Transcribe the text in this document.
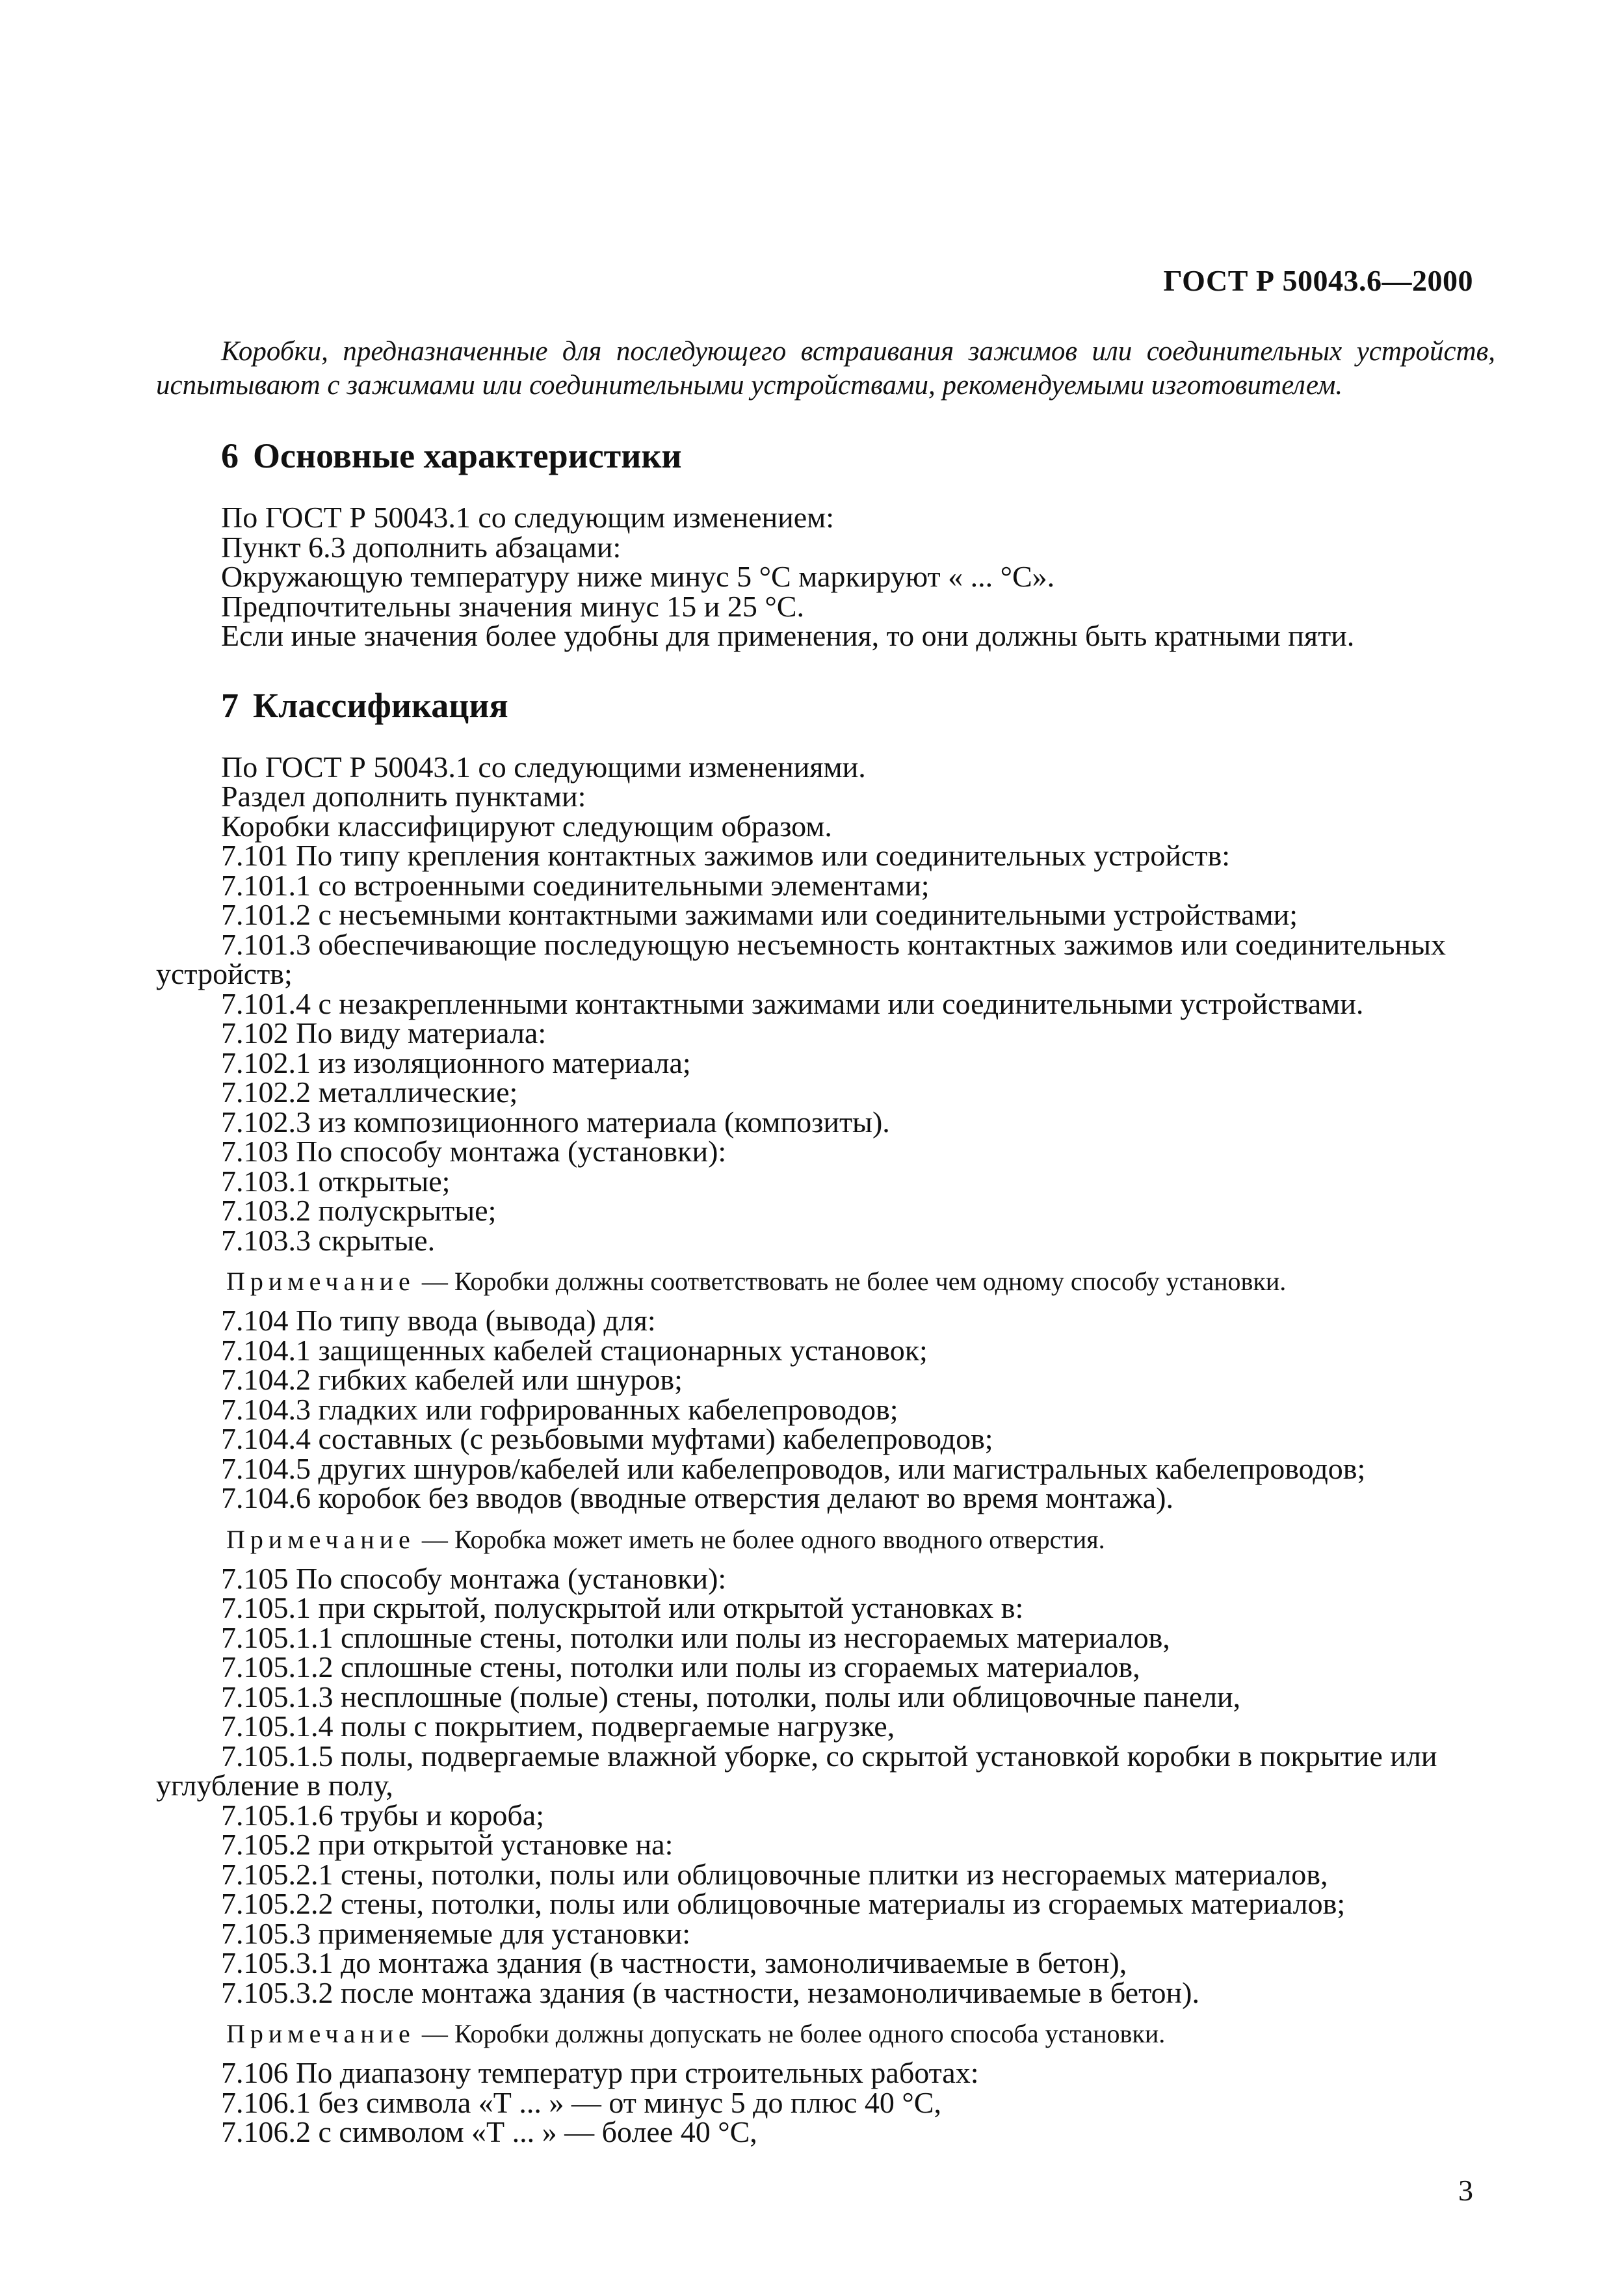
ГОСТ Р 50043.6—2000

Коробки, предназначенные для последующего встраивания зажимов или соединительных устройств, испытывают с зажимами или соединительными устройствами, рекомендуемыми изготовителем.

6 Основные характеристики

По ГОСТ Р 50043.1 со следующим изменением:

Пункт 6.3 дополнить абзацами:

Окружающую температуру ниже минус 5 °С маркируют « ... °С».

Предпочтительны значения минус 15 и 25 °С.

Если иные значения более удобны для применения, то они должны быть кратными пяти.

7 Классификация

По ГОСТ Р 50043.1 со следующими изменениями.

Раздел дополнить пунктами:

Коробки классифицируют следующим образом.

7.101 По типу крепления контактных зажимов или соединительных устройств:

7.101.1 со встроенными соединительными элементами;

7.101.2 с несъемными контактными зажимами или соединительными устройствами;

7.101.3 обеспечивающие последующую несъемность контактных зажимов или соединительных устройств;

7.101.4 с незакрепленными контактными зажимами или соединительными устройствами.

7.102 По виду материала:

7.102.1 из изоляционного материала;

7.102.2 металлические;

7.102.3 из композиционного материала (композиты).

7.103 По способу монтажа (установки):

7.103.1 открытые;

7.103.2 полускрытые;

7.103.3 скрытые.

Примечание — Коробки должны соответствовать не более чем одному способу установки.

7.104 По типу ввода (вывода) для:

7.104.1 защищенных кабелей стационарных установок;

7.104.2 гибких кабелей или шнуров;

7.104.3 гладких или гофрированных кабелепроводов;

7.104.4 составных (с резьбовыми муфтами) кабелепроводов;

7.104.5 других шнуров/кабелей или кабелепроводов, или магистральных кабелепроводов;

7.104.6 коробок без вводов (вводные отверстия делают во время монтажа).

Примечание — Коробка может иметь не более одного вводного отверстия.

7.105 По способу монтажа (установки):

7.105.1 при скрытой, полускрытой или открытой установках в:

7.105.1.1 сплошные стены, потолки или полы из несгораемых материалов,

7.105.1.2 сплошные стены, потолки или полы из сгораемых материалов,

7.105.1.3 несплошные (полые) стены, потолки, полы или облицовочные панели,

7.105.1.4 полы с покрытием, подвергаемые нагрузке,

7.105.1.5 полы, подвергаемые влажной уборке, со скрытой установкой коробки в покрытие или углубление в полу,

7.105.1.6 трубы и короба;

7.105.2 при открытой установке на:

7.105.2.1 стены, потолки, полы или облицовочные плитки из несгораемых материалов,

7.105.2.2 стены, потолки, полы или облицовочные материалы из сгораемых материалов;

7.105.3 применяемые для установки:

7.105.3.1 до монтажа здания (в частности, замоноличиваемые в бетон),

7.105.3.2 после монтажа здания (в частности, незамоноличиваемые в бетон).

Примечание — Коробки должны допускать не более одного способа установки.

7.106 По диапазону температур при строительных работах:

7.106.1 без символа «Т ... » — от минус 5 до плюс 40 °С,

7.106.2 с символом «Т ... » — более 40 °С,

3
